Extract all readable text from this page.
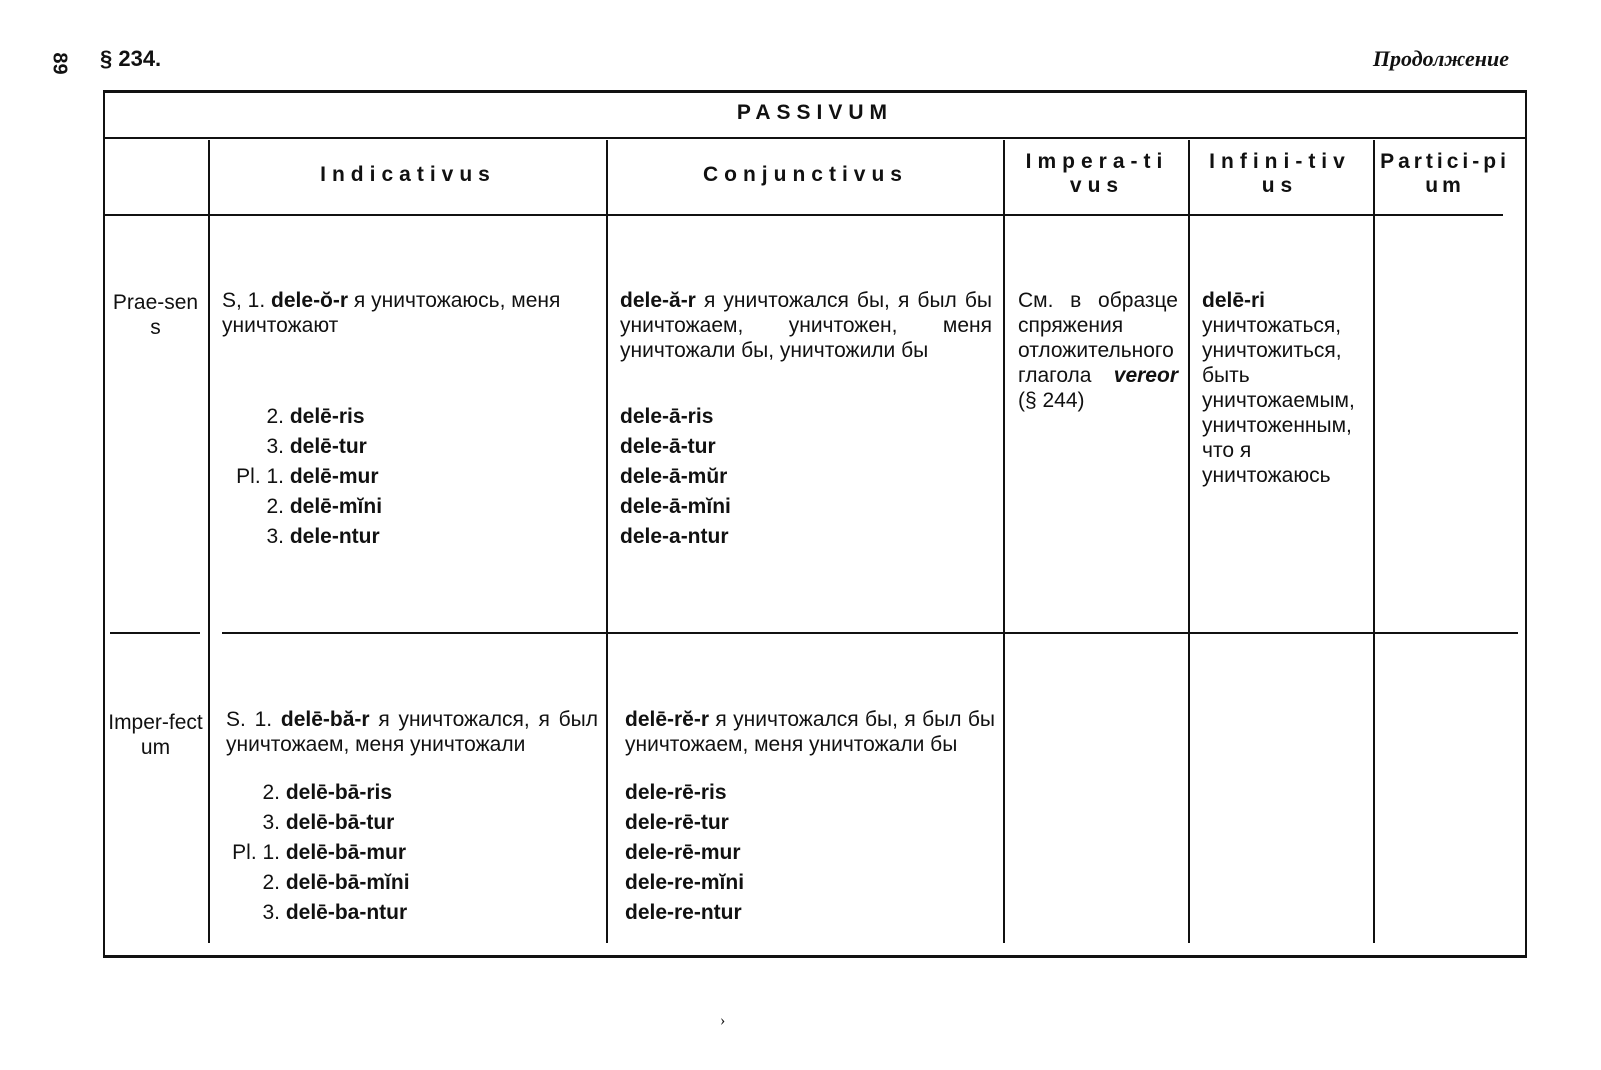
89 § 234.	Продолжение
PASSIVUM
Indicativus	Conjunctivus
Impera-tivus
Infini-tivus
Partici-pium
Prae-sens
S, 1. dele-ŏ-r я уничтожаюсь, меня уничтожают
2. delē-ris
3. delē-tur
Pl. 1. delē-mur
2. delē-mĭni
3. dele-ntur
dele-ă-r я уничтожался бы, я был бы уничтожаем, уничтожен, меня уничтожали бы, уничтожили бы
dele-ā-ris
dele-ā-tur
dele-ā-mŭr
dele-ā-mĭni
dele-a-ntur
См. в образце спряжения отложительного глагола vereor (§ 244)
delē-ri уничтожаться, уничтожиться, быть уничтожаемым, уничтоженным, что я уничтожаюсь
Imper-fectum
S. 1. delē-bă-r я уничтожался, я был уничтожаем, меня уничтожали
2. delē-bā-ris
3. delē-bā-tur
Pl. 1. delē-bā-mur
2. delē-bā-mĭni
3. delē-ba-ntur
delē-rĕ-r я уничтожался бы, я был бы уничтожаем, меня уничтожали бы
dele-rē-ris
dele-rē-tur
dele-rē-mur
dele-re-mĭni
dele-re-ntur
›
